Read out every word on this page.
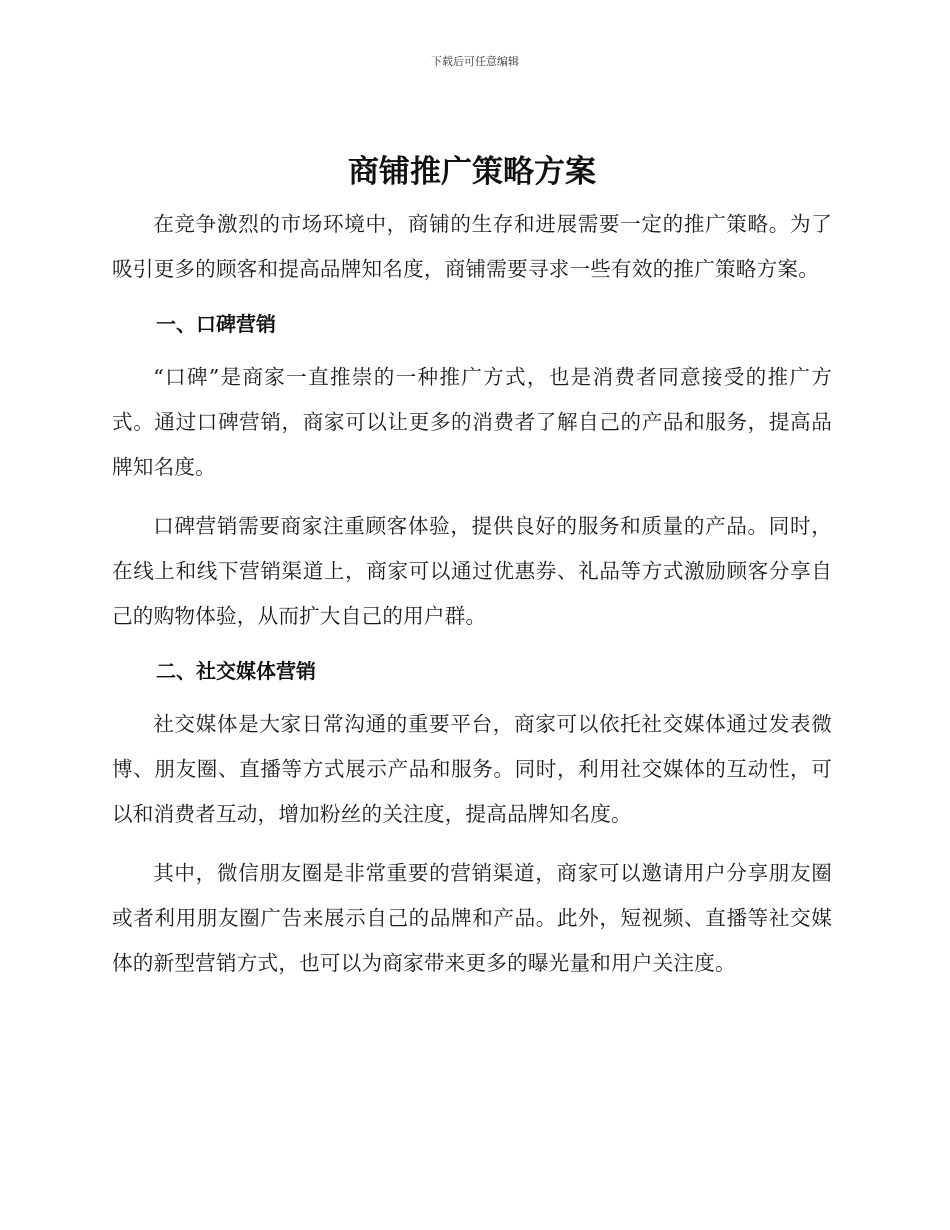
下载后可任意编辑
商铺推广策略方案

在竞争激烈的市场环境中，商铺的生存和进展需要一定的推广策略。为了吸引更多的顾客和提高品牌知名度，商铺需要寻求一些有效的推广策略方案。

一、口碑营销

“口碑”是商家一直推崇的一种推广方式，也是消费者同意接受的推广方式。通过口碑营销，商家可以让更多的消费者了解自己的产品和服务，提高品牌知名度。

口碑营销需要商家注重顾客体验，提供良好的服务和质量的产品。同时，在线上和线下营销渠道上，商家可以通过优惠券、礼品等方式激励顾客分享自己的购物体验，从而扩大自己的用户群。

二、社交媒体营销

社交媒体是大家日常沟通的重要平台，商家可以依托社交媒体通过发表微博、朋友圈、直播等方式展示产品和服务。同时，利用社交媒体的互动性，可以和消费者互动，增加粉丝的关注度，提高品牌知名度。

其中，微信朋友圈是非常重要的营销渠道，商家可以邀请用户分享朋友圈或者利用朋友圈广告来展示自己的品牌和产品。此外，短视频、直播等社交媒体的新型营销方式，也可以为商家带来更多的曝光量和用户关注度。
